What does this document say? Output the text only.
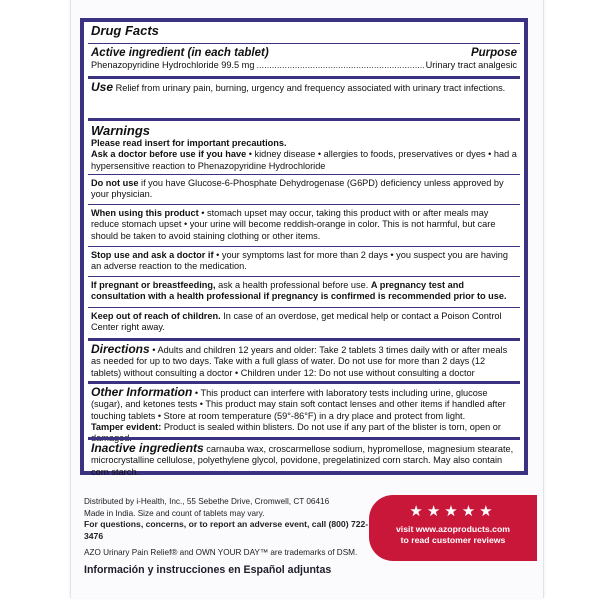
Drug Facts
Active ingredient (in each tablet)	Purpose
Phenazopyridine Hydrochloride 99.5 mg
.....	Urinary tract analgesic
Use Relief from urinary pain, burning, urgency and frequency associated with urinary tract infections.
Warnings
Please read insert for important precautions.
Ask a doctor before use if you have • kidney disease • allergies to foods, preservatives or dyes • had a hypersensitive reaction to Phenazopyridine Hydrochloride
Do not use if you have Glucose-6-Phosphate Dehydrogenase (G6PD) deficiency unless approved by your physician.
When using this product • stomach upset may occur, taking this product with or after meals may reduce stomach upset • your urine will become reddish-orange in color. This is not harmful, but care should be taken to avoid staining clothing or other items.
Stop use and ask a doctor if • your symptoms last for more than 2 days • you suspect you are having an adverse reaction to the medication.
If pregnant or breastfeeding, ask a health professional before use. A pregnancy test and consultation with a health professional if pregnancy is confirmed is recommended prior to use.
Keep out of reach of children. In case of an overdose, get medical help or contact a Poison Control Center right away.
Directions • Adults and children 12 years and older: Take 2 tablets 3 times daily with or after meals as needed for up to two days. Take with a full glass of water. Do not use for more than 2 days (12 tablets) without consulting a doctor • Children under 12: Do not use without consulting a doctor
Other Information • This product can interfere with laboratory tests including urine, glucose (sugar), and ketones tests • This product may stain soft contact lenses and other items if handled after touching tablets • Store at room temperature (59°-86°F) in a dry place and protect from light.
Tamper evident: Product is sealed within blisters. Do not use if any part of the blister is torn, open or damaged.
Inactive ingredients carnauba wax, croscarmellose sodium, hypromellose, magnesium stearate, microcrystalline cellulose, polyethylene glycol, povidone, pregelatinized corn starch. May also contain corn starch.
Distributed by i-Health, Inc., 55 Sebethe Drive, Cromwell, CT 06416
Made in India. Size and count of tablets may vary.
For questions, concerns, or to report an adverse event, call (800) 722-3476
AZO Urinary Pain Relief® and OWN YOUR DAY™ are trademarks of DSM.
Información y instrucciones en Español adjuntas
★★★★★
visit www.azoproducts.com
to read customer reviews
